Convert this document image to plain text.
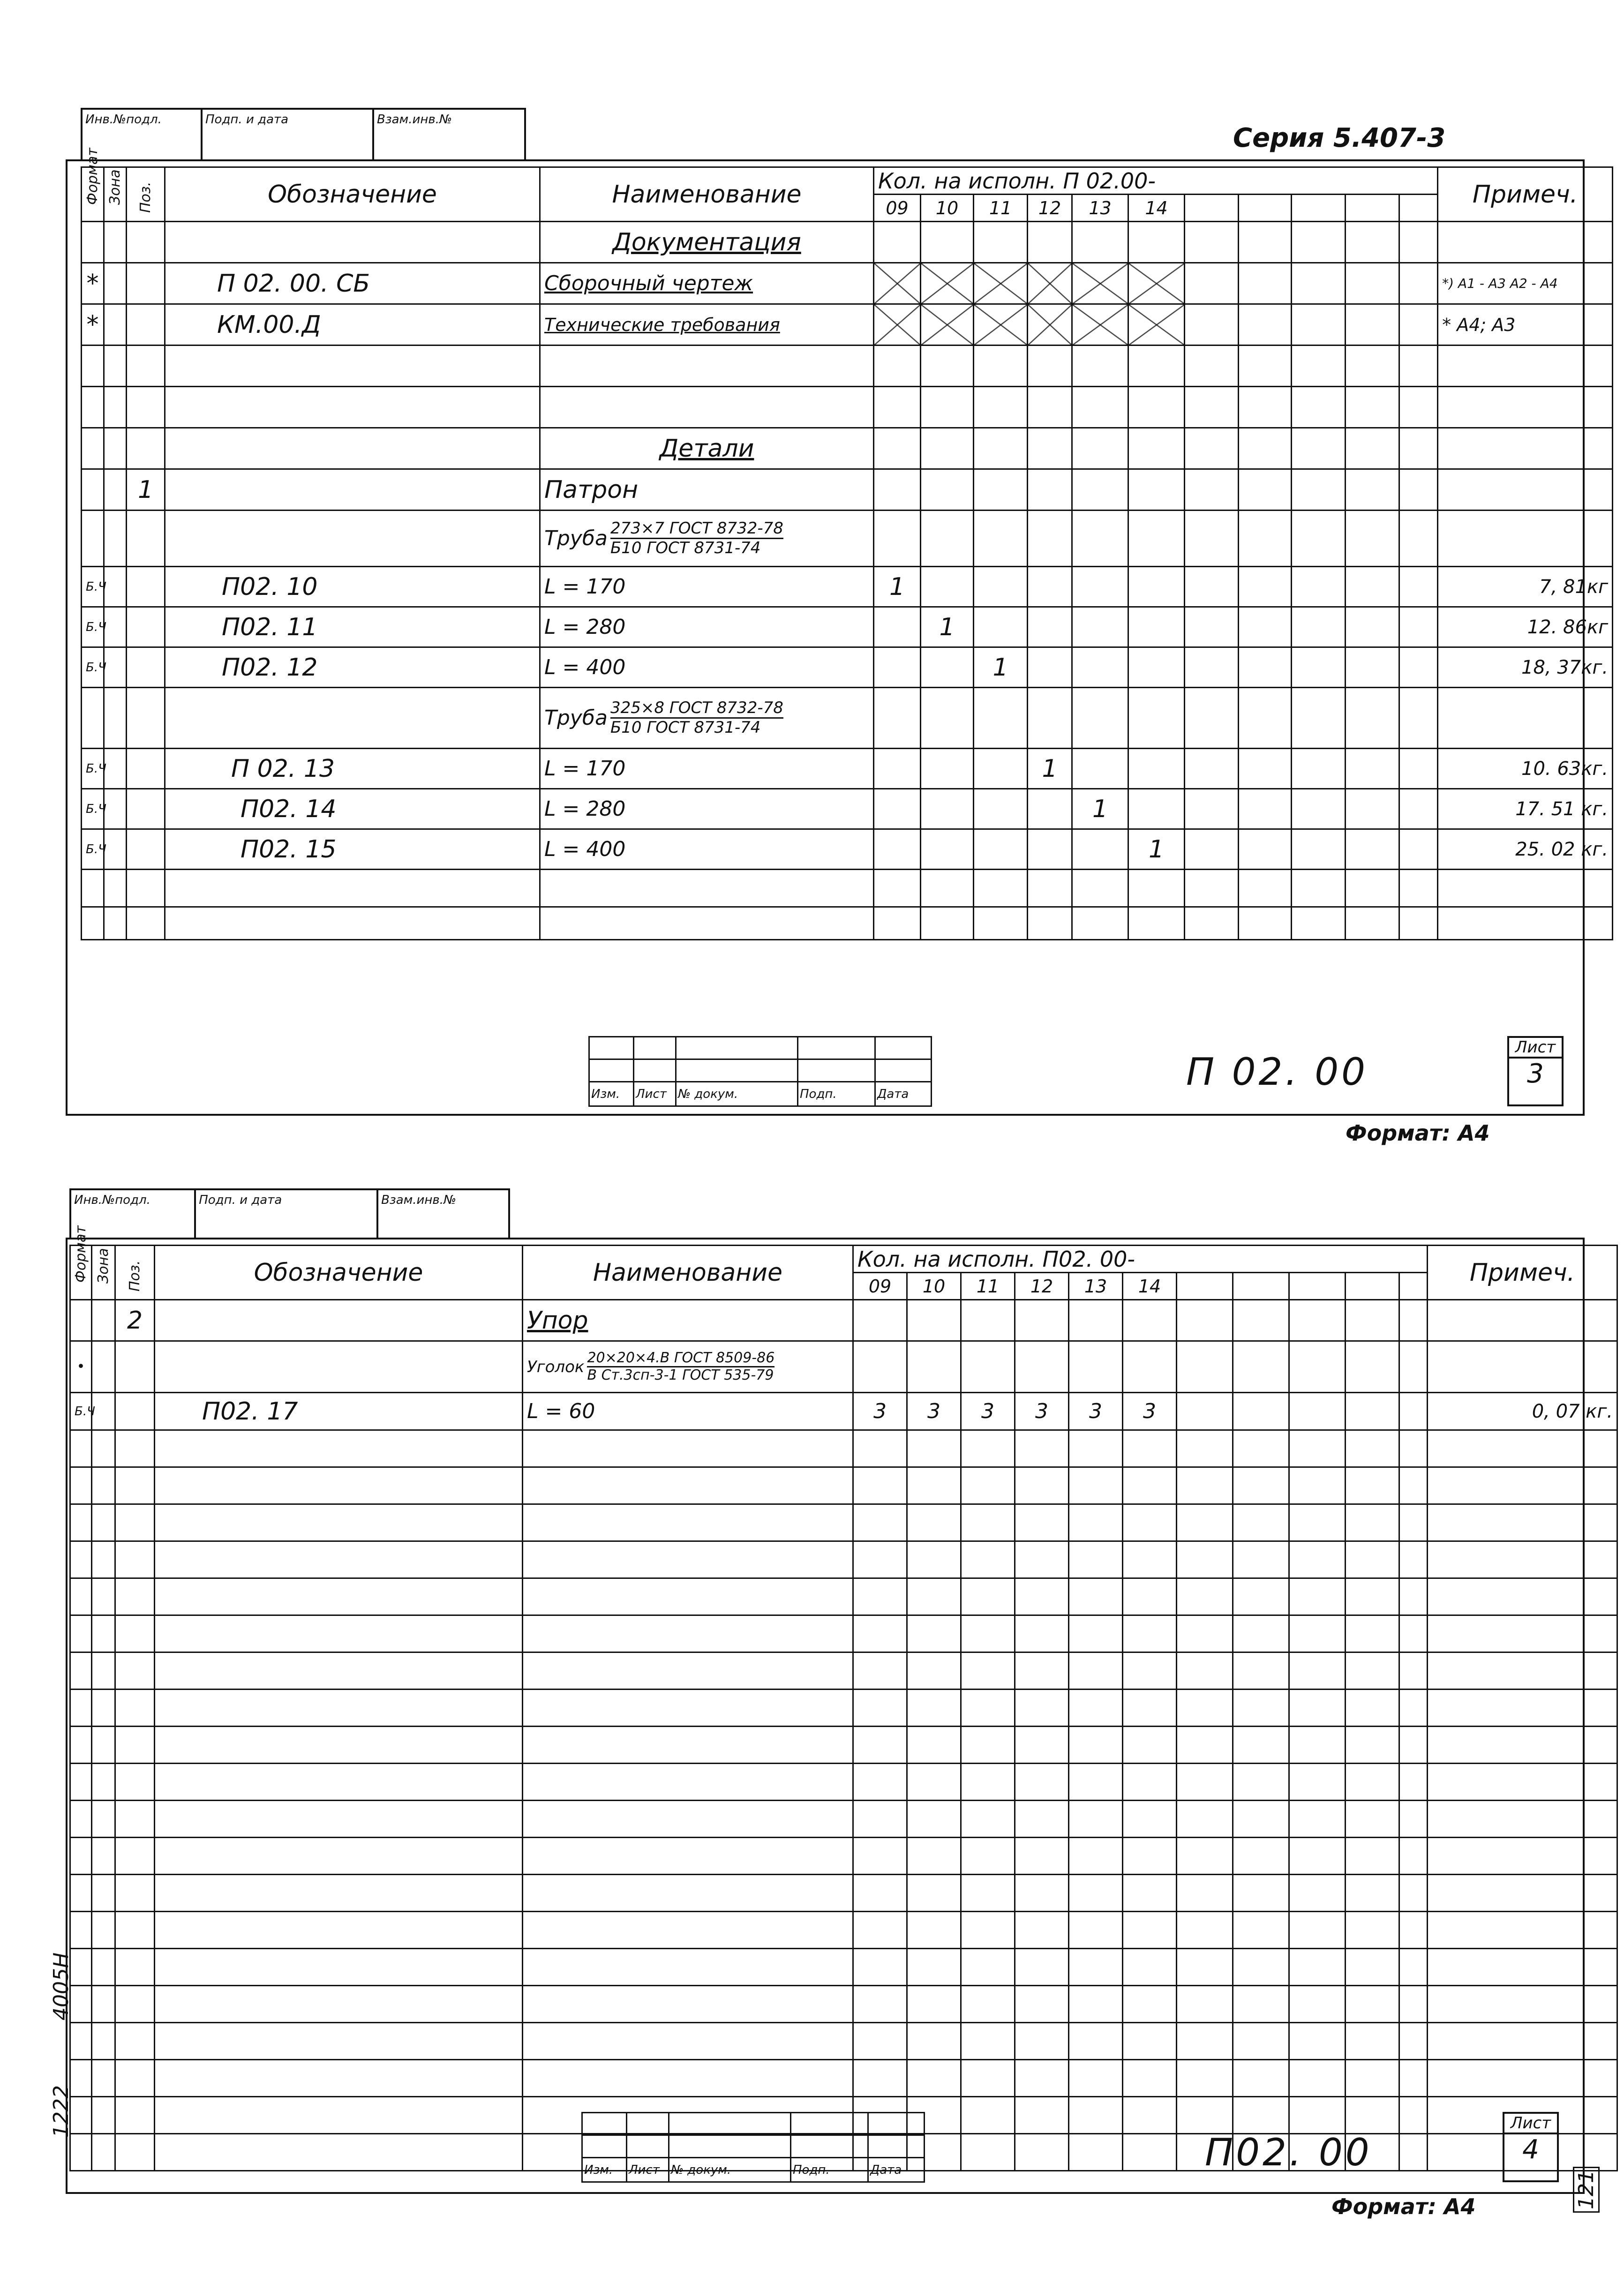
Инв.№подл.	Подп. и дата	Взам.инв.№
Серия 5.407-3
Формат	Зона	Поз.	Обозначение	Наименование	Кол. на исполн. П 02.00-											Примеч.
					09	10	11	12	13	14						
				Документация												
*			П 02. 00. СБ	Сборочный чертеж												*) А1 - А3 А2 - А4
*			КМ.00.Д	Технические требования												* А4; А3

				Детали												
		1		Патрон												

				Труба 273×7 ГОСТ 8732-78
Б10 ГОСТ 8731-74												

Б.Ч			П02. 10	L = 170	1											7, 81кг
Б.Ч			П02. 11	L = 280		1										12. 86кг
Б.Ч			П02. 12	L = 400			1									18, 37кг.

				Труба 325×8 ГОСТ 8732-78
Б10 ГОСТ 8731-74												

Б.Ч			П 02. 13	L = 170				1								10. 63кг.
Б.Ч			П02. 14	L = 280					1							17. 51 кг.
Б.Ч			П02. 15	L = 400						1						25. 02 кг.

Изм.	Лист	№ докум.	Подп.	Дата
П 02. 00
Лист
3
Формат: А4
Инв.№подл.	Подп. и дата	Взам.инв.№
Формат	Зона	Поз.	Обозначение	Наименование	Кол. на исполн. П02. 00-											Примеч.
					09	10	11	12	13	14						
		2		Упор												
•				Уголок 20×20×4.В ГОСТ 8509-86
В Ст.3сп-3-1 ГОСТ 535-79												

Б.Ч			П02. 17	L = 60	3	3	3	3	3	3						0, 07 кг.

Изм.	Лист	№ докум.	Подп.	Дата	П02. 00
Лист
4
Формат: А4
4005Н
1222
121
